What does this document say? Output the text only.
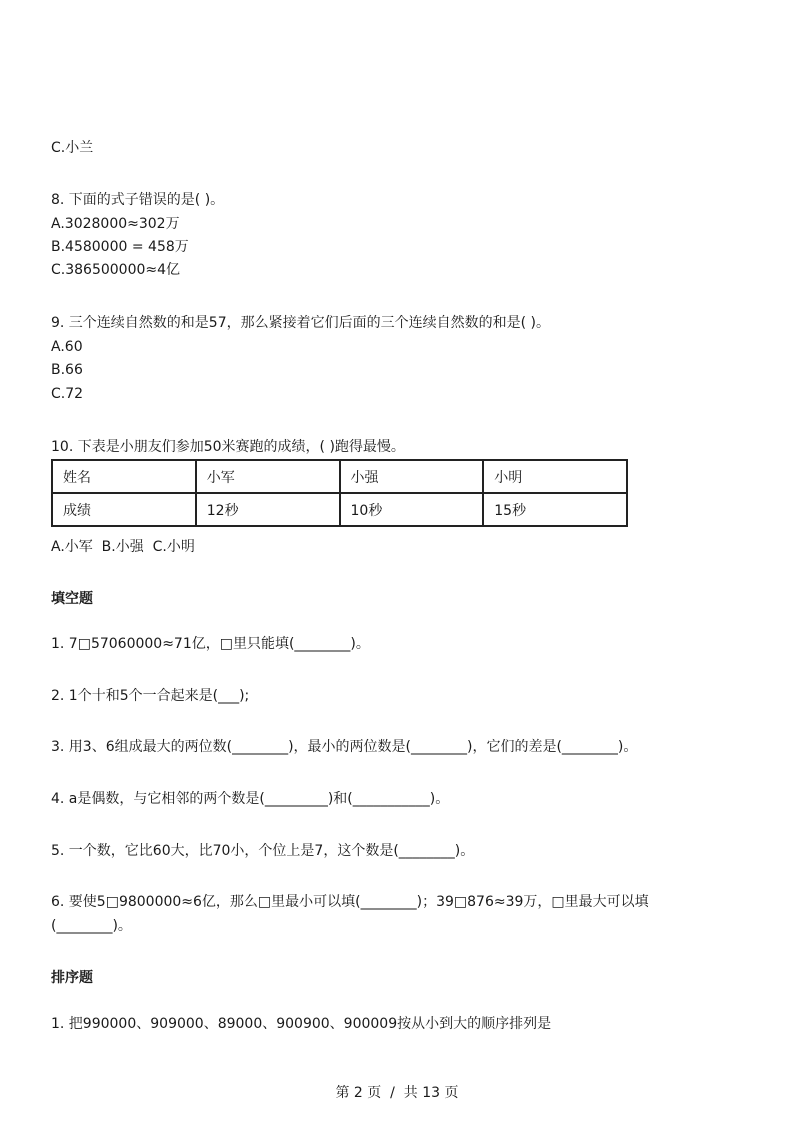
C.小兰
8. 下面的式子错误的是( )。
A.3028000≈302万
B.4580000 = 458万
C.386500000≈4亿
9. 三个连续自然数的和是57，那么紧接着它们后面的三个连续自然数的和是( )。
A.60
B.66
C.72
10. 下表是小朋友们参加50米赛跑的成绩，( )跑得最慢。
姓名	小军	小强	小明
成绩	12秒	10秒	15秒
A.小军  B.小强  C.小明
填空题
1. 7□57060000≈71亿，□里只能填(________)。
2. 1个十和5个一合起来是(___);
3. 用3、6组成最大的两位数(________)，最小的两位数是(________)，它们的差是(________)。
4. a是偶数，与它相邻的两个数是(_________)和(___________)。
5. 一个数，它比60大，比70小，个位上是7，这个数是(________)。
6. 要使5□9800000≈6亿，那么□里最小可以填(________)；39□876≈39万，□里最大可以填
(________)。
排序题
1. 把990000、909000、89000、900900、900009按从小到大的顺序排列是
第 2 页  /  共 13 页
